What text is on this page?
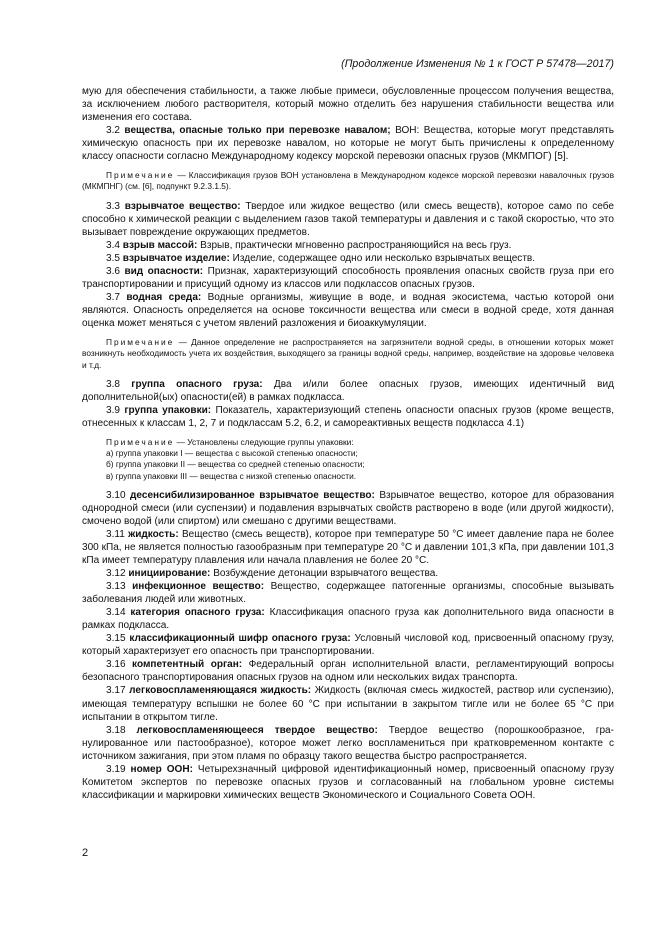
(Продолжение Изменения № 1 к ГОСТ Р 57478—2017)

мую для обеспечения стабильности, а также любые примеси, обусловленные процессом получения вещества, за исключением любого растворителя, который можно отделить без нарушения стабильности вещества или изменения его состава.

3.2 вещества, опасные только при перевозке навалом; ВОН: Вещества, которые могут представлять химическую опасность при их перевозке навалом, но которые не могут быть причислены к определенному классу опасности согласно Международному кодексу морской перевозки опасных грузов (МКМПОГ) [5].

Примечание — Классификация грузов ВОН установлена в Международном кодексе морской перевозки навалочных грузов (МКМПНГ) (см. [6], подпункт 9.2.3.1.5).

3.3 взрывчатое вещество: Твердое или жидкое вещество (или смесь веществ), которое само по себе способно к химической реакции с выделением газов такой температуры и давления и с такой скоростью, что это вызывает повреждение окружающих предметов.

3.4 взрыв массой: Взрыв, практически мгновенно распространяющийся на весь груз.

3.5 взрывчатое изделие: Изделие, содержащее одно или несколько взрывчатых веществ.

3.6 вид опасности: Признак, характеризующий способность проявления опасных свойств груза при его транспортировании и присущий одному из классов или подклассов опасных грузов.

3.7 водная среда: Водные организмы, живущие в воде, и водная экосистема, частью которой они являются. Опасность определяется на основе токсичности вещества или смеси в водной среде, хотя данная оценка может меняться с учетом явлений разложения и биоаккумуляции.

Примечание — Данное определение не распространяется на загрязнители водной среды, в отношении которых может возникнуть необходимость учета их воздействия, выходящего за границы водной среды, например, воздействие на здоровье человека и т.д.

3.8 группа опасного груза: Два и/или более опасных грузов, имеющих идентичный вид дополнительной(ых) опасности(ей) в рамках подкласса.

3.9 группа упаковки: Показатель, характеризующий степень опасности опасных грузов (кроме веществ, отнесенных к классам 1, 2, 7 и подклассам 5.2, 6.2, и самореактивных веществ подкласса 4.1)

Примечание — Установлены следующие группы упаковки:

а) группа упаковки I — вещества с высокой степенью опасности;

б) группа упаковки II — вещества со средней степенью опасности;

в) группа упаковки III — вещества с низкой степенью опасности.

3.10 десенсибилизированное взрывчатое вещество: Взрывчатое вещество, которое для образования однородной смеси (или суспензии) и подавления взрывчатых свойств растворено в воде (или другой жидкости), смочено водой (или спиртом) или смешано с другими веществами.

3.11 жидкость: Вещество (смесь веществ), которое при температуре 50 °C имеет давление пара не более 300 кПа, не является полностью газообразным при температуре 20 °C и давлении 101,3 кПа, при давлении 101,3 кПа имеет температуру плавления или начала плавления не более 20 °C.

3.12 инициирование: Возбуждение детонации взрывчатого вещества.

3.13 инфекционное вещество: Вещество, содержащее патогенные организмы, способные вызывать заболевания людей или животных.

3.14 категория опасного груза: Классификация опасного груза как дополнительного вида опасности в рамках подкласса.

3.15 классификационный шифр опасного груза: Условный числовой код, присвоенный опасному грузу, который характеризует его опасность при транспортировании.

3.16 компетентный орган: Федеральный орган исполнительной власти, регламентирующий вопросы безопасного транспортирования опасных грузов на одном или нескольких видах транспорта.

3.17 легковоспламеняющаяся жидкость: Жидкость (включая смесь жидкостей, раствор или суспензию), имеющая температуру вспышки не более 60 °C при испытании в закрытом тигле или не более 65 °C при испытании в открытом тигле.

3.18 легковоспламеняющееся твердое вещество: Твердое вещество (порошкообразное, гранулированное или пастообразное), которое может легко воспламениться при кратковременном контакте с источником зажигания, при этом пламя по образцу такого вещества быстро распространяется.

3.19 номер ООН: Четырехзначный цифровой идентификационный номер, присвоенный опасному грузу Комитетом экспертов по перевозке опасных грузов и согласованный на глобальном уровне системы классификации и маркировки химических веществ Экономического и Социального Совета ООН.

2
